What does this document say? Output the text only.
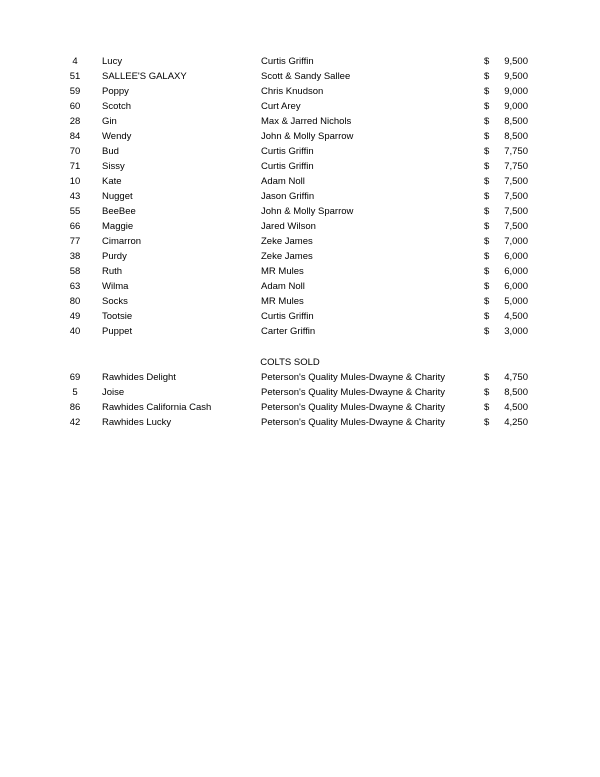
4	Lucy	Curtis Griffin	$	9,500
51	SALLEE'S GALAXY	Scott & Sandy Sallee	$	9,500
59	Poppy	Chris Knudson	$	9,000
60	Scotch	Curt Arey	$	9,000
28	Gin	Max & Jarred Nichols	$	8,500
84	Wendy	John & Molly Sparrow	$	8,500
70	Bud	Curtis Griffin	$	7,750
71	Sissy	Curtis Griffin	$	7,750
10	Kate	Adam Noll	$	7,500
43	Nugget	Jason Griffin	$	7,500
55	BeeBee	John & Molly Sparrow	$	7,500
66	Maggie	Jared Wilson	$	7,500
77	Cimarron	Zeke James	$	7,000
38	Purdy	Zeke James	$	6,000
58	Ruth	MR Mules	$	6,000
63	Wilma	Adam Noll	$	6,000
80	Socks	MR Mules	$	5,000
49	Tootsie	Curtis Griffin	$	4,500
40	Puppet	Carter Griffin	$	3,000
COLTS SOLD
69	Rawhides Delight	Peterson's Quality Mules-Dwayne & Charity	$	4,750
5	Joise	Peterson's Quality Mules-Dwayne & Charity	$	8,500
86	Rawhides California Cash	Peterson's Quality Mules-Dwayne & Charity	$	4,500
42	Rawhides Lucky	Peterson's Quality Mules-Dwayne & Charity	$	4,250
